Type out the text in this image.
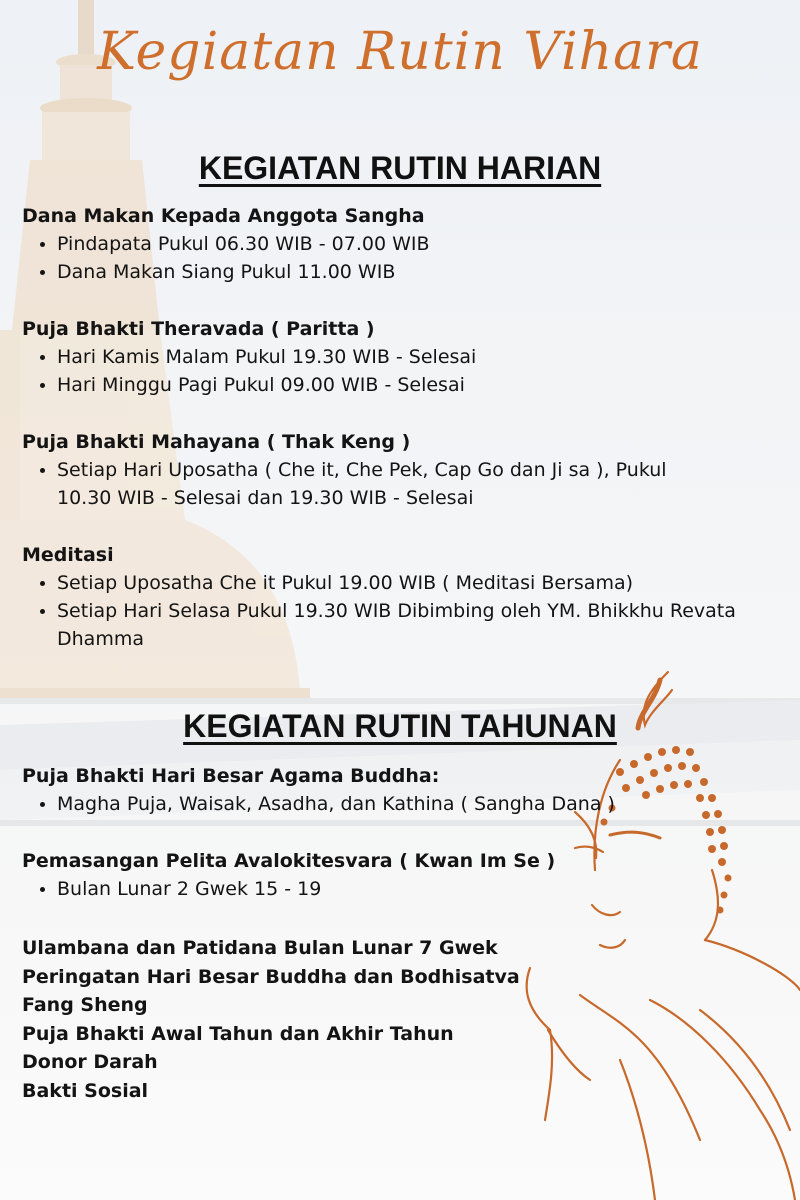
Kegiatan Rutin Vihara
KEGIATAN RUTIN HARIAN
Dana Makan Kepada Anggota Sangha
• Pindapata Pukul 06.30 WIB - 07.00 WIB
• Dana Makan Siang Pukul 11.00 WIB
Puja Bhakti Theravada ( Paritta )
• Hari Kamis Malam Pukul 19.30 WIB - Selesai
• Hari Minggu Pagi Pukul 09.00 WIB - Selesai
Puja Bhakti Mahayana ( Thak Keng )
• Setiap Hari Uposatha ( Che it, Che Pek, Cap Go dan Ji sa ), Pukul 10.30 WIB - Selesai dan 19.30 WIB - Selesai
Meditasi
• Setiap Uposatha Che it Pukul 19.00 WIB ( Meditasi Bersama)
• Setiap Hari Selasa Pukul 19.30 WIB Dibimbing oleh YM. Bhikkhu Revata Dhamma
KEGIATAN RUTIN TAHUNAN
Puja Bhakti Hari Besar Agama Buddha:
• Magha Puja, Waisak, Asadha, dan Kathina ( Sangha Dana )
Pemasangan Pelita Avalokitesvara ( Kwan Im Se )
• Bulan Lunar 2 Gwek 15 - 19

Ulambana dan Patidana Bulan Lunar 7 Gwek

Peringatan Hari Besar Buddha dan Bodhisatva

Fang Sheng

Puja Bhakti Awal Tahun dan Akhir Tahun

Donor Darah

Bakti Sosial
